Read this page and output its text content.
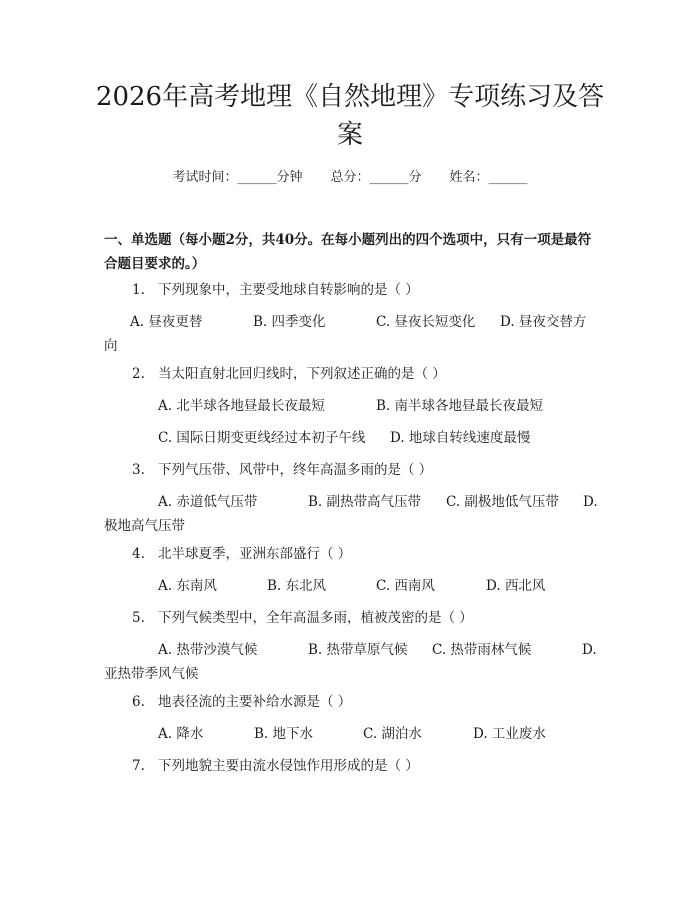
2026年高考地理《自然地理》专项练习及答案
考试时间：______分钟 总分：______分 姓名：______

一、单选题（每小题2分，共40分。在每小题列出的四个选项中，只有一项是最符合题目要求的。）

1. 下列现象中，主要受地球自转影响的是（ ）
A. 昼夜更替	B. 四季变化	C. 昼夜长短变化 D. 昼夜交替方向
2. 当太阳直射北回归线时，下列叙述正确的是（ ）
A. 北半球各地昼最长夜最短	B. 南半球各地昼最长夜最短
C. 国际日期变更线经过本初子午线 D. 地球自转线速度最慢
3. 下列气压带、风带中，终年高温多雨的是（ ）
A. 赤道低气压带	B. 副热带高气压带 C. 副极地低气压带 D. 极地高气压带
4. 北半球夏季，亚洲东部盛行（ ）
A. 东南风	B. 东北风	C. 西南风	D. 西北风
5. 下列气候类型中，全年高温多雨，植被茂密的是（ ）
A. 热带沙漠气候	B. 热带草原气候 C. 热带雨林气候	D. 亚热带季风气候
6. 地表径流的主要补给水源是（ ）
A. 降水	B. 地下水	C. 湖泊水	D. 工业废水
7. 下列地貌主要由流水侵蚀作用形成的是（ ）
